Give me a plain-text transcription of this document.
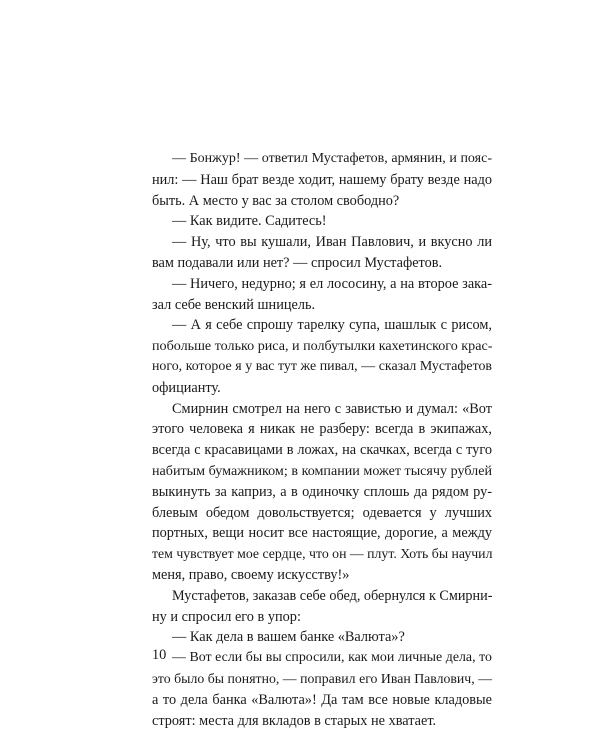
— Бонжур! — ответил Мустафетов, армянин, и пояс-
нил: — Наш брат везде ходит, нашему брату везде надо
быть. А место у вас за столом свободно?
— Как видите. Садитесь!
— Ну, что вы кушали, Иван Павлович, и вкусно ли
вам подавали или нет? — спросил Мустафетов.
— Ничего, недурно; я ел лососину, а на второе зака-
зал себе венский шницель.
— А я себе спрошу тарелку супа, шашлык с рисом,
побольше только риса, и полбутылки кахетинского крас-
ного, которое я у вас тут же пивал, — сказал Мустафетов
официанту.
Смирнин смотрел на него с завистью и думал: «Вот
этого человека я никак не разберу: всегда в экипажах,
всегда с красавицами в ложах, на скачках, всегда с туго
набитым бумажником; в компании может тысячу рублей
выкинуть за каприз, а в одиночку сплошь да рядом ру-
блевым обедом довольствуется; одевается у лучших
портных, вещи носит все настоящие, дорогие, а между
тем чувствует мое сердце, что он — плут. Хоть бы научил
меня, право, своему искусству!»
Мустафетов, заказав себе обед, обернулся к Смирни-
ну и спросил его в упор:
— Как дела в вашем банке «Валюта»?
— Вот если бы вы спросили, как мои личные дела, то
это было бы понятно, — поправил его Иван Павлович, —
а то дела банка «Валюта»! Да там все новые кладовые
строят: места для вкладов в старых не хватает.
10
